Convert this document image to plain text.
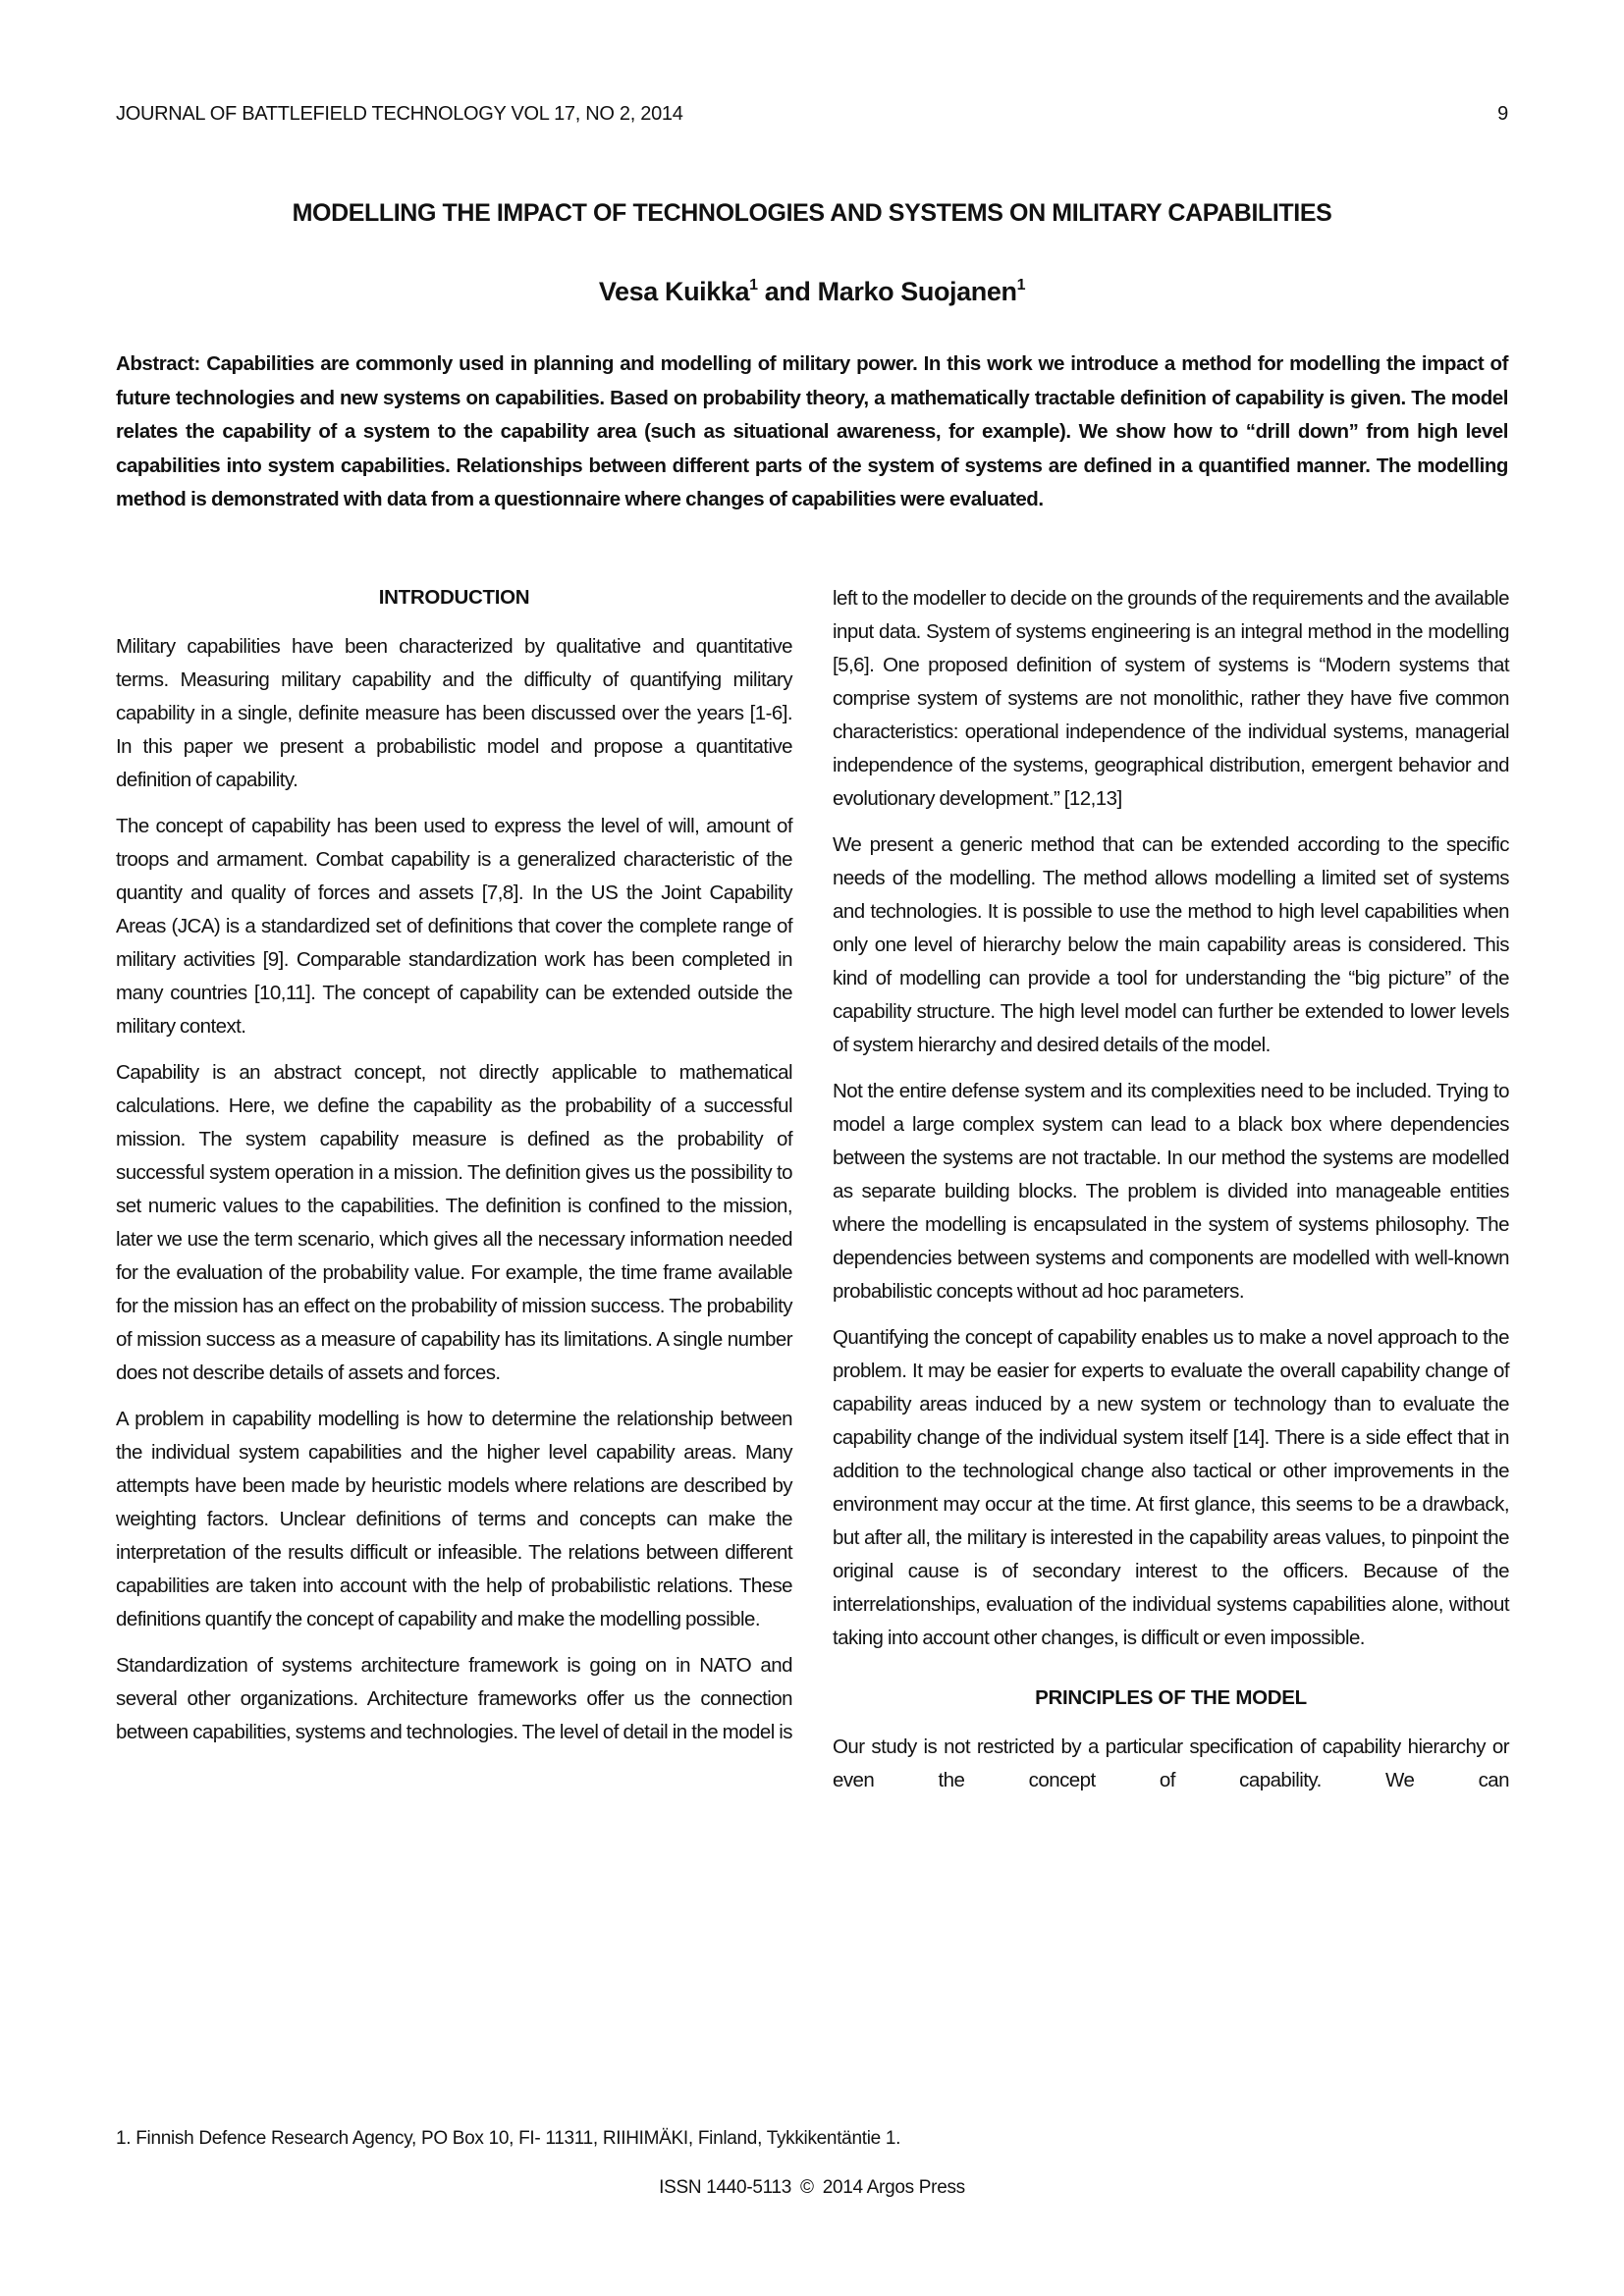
JOURNAL OF BATTLEFIELD TECHNOLOGY VOL 17, NO 2, 2014	9
MODELLING THE IMPACT OF TECHNOLOGIES AND SYSTEMS ON MILITARY CAPABILITIES
Vesa Kuikka$^1$ and Marko Suojanen$^1$
Abstract: Capabilities are commonly used in planning and modelling of military power. In this work we introduce a method for modelling the impact of future technologies and new systems on capabilities. Based on probability theory, a mathematically tractable definition of capability is given. The model relates the capability of a system to the capability area (such as situational awareness, for example). We show how to “drill down” from high level capabilities into system capabilities. Relationships between different parts of the system of systems are defined in a quantified manner. The modelling method is demonstrated with data from a questionnaire where changes of capabilities were evaluated.
INTRODUCTION

Military capabilities have been characterized by qualitative and quantitative terms. Measuring military capability and the difficulty of quantifying military capability in a single, definite measure has been discussed over the years [1-6]. In this paper we present a probabilistic model and propose a quantitative definition of capability.

The concept of capability has been used to express the level of will, amount of troops and armament. Combat capability is a generalized characteristic of the quantity and quality of forces and assets [7,8]. In the US the Joint Capability Areas (JCA) is a standardized set of definitions that cover the complete range of military activities [9]. Comparable standardization work has been completed in many countries [10,11]. The concept of capability can be extended outside the military context.

Capability is an abstract concept, not directly applicable to mathematical calculations. Here, we define the capability as the probability of a successful mission. The system capability measure is defined as the probability of successful system operation in a mission. The definition gives us the possibility to set numeric values to the capabilities. The definition is confined to the mission, later we use the term scenario, which gives all the necessary information needed for the evaluation of the probability value. For example, the time frame available for the mission has an effect on the probability of mission success. The probability of mission success as a measure of capability has its limitations. A single number does not describe details of assets and forces.

A problem in capability modelling is how to determine the relationship between the individual system capabilities and the higher level capability areas. Many attempts have been made by heuristic models where relations are described by weighting factors. Unclear definitions of terms and concepts can make the interpretation of the results difficult or infeasible. The relations between different capabilities are taken into account with the help of probabilistic relations. These definitions quantify the concept of capability and make the modelling possible.

Standardization of systems architecture framework is going on in NATO and several other organizations. Architecture frameworks offer us the connection between capabilities, systems and technologies. The level of detail in the model is

left to the modeller to decide on the grounds of the requirements and the available input data. System of systems engineering is an integral method in the modelling [5,6]. One proposed definition of system of systems is “Modern systems that comprise system of systems are not monolithic, rather they have five common characteristics: operational independence of the individual systems, managerial independence of the systems, geographical distribution, emergent behavior and evolutionary development.” [12,13]

We present a generic method that can be extended according to the specific needs of the modelling. The method allows modelling a limited set of systems and technologies. It is possible to use the method to high level capabilities when only one level of hierarchy below the main capability areas is considered. This kind of modelling can provide a tool for understanding the “big picture” of the capability structure. The high level model can further be extended to lower levels of system hierarchy and desired details of the model.

Not the entire defense system and its complexities need to be included. Trying to model a large complex system can lead to a black box where dependencies between the systems are not tractable. In our method the systems are modelled as separate building blocks. The problem is divided into manageable entities where the modelling is encapsulated in the system of systems philosophy. The dependencies between systems and components are modelled with well-known probabilistic concepts without ad hoc parameters.

Quantifying the concept of capability enables us to make a novel approach to the problem. It may be easier for experts to evaluate the overall capability change of capability areas induced by a new system or technology than to evaluate the capability change of the individual system itself [14]. There is a side effect that in addition to the technological change also tactical or other improvements in the environment may occur at the time. At first glance, this seems to be a drawback, but after all, the military is interested in the capability areas values, to pinpoint the original cause is of secondary interest to the officers. Because of the interrelationships, evaluation of the individual systems capabilities alone, without taking into account other changes, is difficult or even impossible.

PRINCIPLES OF THE MODEL

Our study is not restricted by a particular specification of capability hierarchy or even the concept of capability. We can

1. Finnish Defence Research Agency, PO Box 10, FI- 11311, RIIHIMÄKI, Finland, Tykkikentäntie 1.
ISSN 1440-5113 © 2014 Argos Press
